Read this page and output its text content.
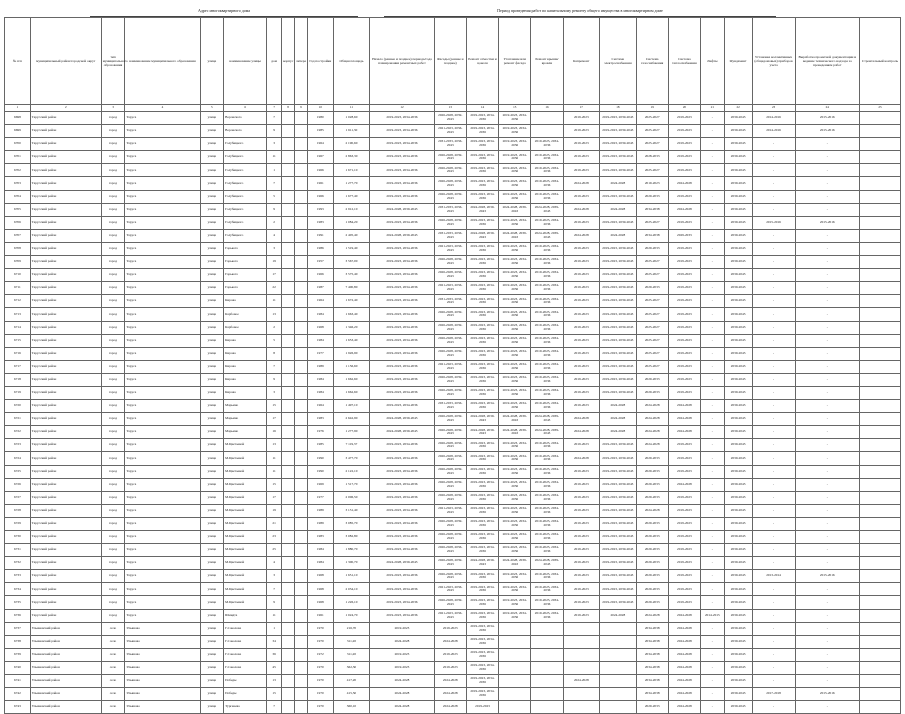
Адрес многоквартирного дома	Период проведения работ по капитальному ремонту общего имущества в многоквартирном доме
№ п/п	муниципальный район/городской округ	тип муниципального образования	наименование муниципального образования	улица	наименование улицы	дом	корпус	литера	Год постройки	Общая площадь	Начало (раннее и позднее) периода/года планирования ремонтных работ	Фасады (раннее и позднее)	Ремонт отмостки и цоколя	Утепление или ремонт фасада	Ремонт крыши/кровли	Капремонт	Система электроснабжения	Система газоснабжения	Система теплоснабжения	Лифты	Фундамент	Установка коллективных (общедомовых) приборов учета	Выработка проектной документации и ведение технического надзора за проведением работ	Строительный контроль
1	2	3	4	5	6	7	8	9	10	11	12	13	14	15	16	17	18	19	20	21	22	23	24	25
6698	Тарусский район	город	Таруса	улица	Воровского	7			1980	1 028,60	2019-2023, 2034-2036	2026-2028, 2039-2043	2019-2023, 2034-2036	2019-2023, 2034-2036		2019-2023	2019-2023, 2039-2043	2025-2027	2019-2023	-	2039-2043	2014-2016	2015-2016	
6699	Тарусский район	город	Таруса	улица	Воровского	9			1985	1 611,30	2019-2023, 2034-2036	2021-2023, 2036-2043	2019-2023, 2034-2036	2019-2023, 2034-2036		2019-2023	2019-2023, 2039-2043	2025-2027	2019-2023	-	2039-2043	2014-2016	2015-2016	
6700	Тарусский район	город	Таруса	улица	Голубицкого	3			1964	2 190,60	2019-2023, 2034-2036	2031-2033, 2036-2043	2019-2023, 2034-2036	2019-2023, 2034-2036	2019-2023, 2034-2036	2019-2023	2019-2023, 2039-2043	2025-2027	2019-2023	-	2039-2043	-	-	
6701	Тарусский район	город	Таруса	улица	Голубицкого	11			1967	2 863,30	2019-2023, 2034-2036	2026-2028, 2039-2043	2019-2023, 2034-2036	2019-2023, 2034-2036	2019-2023, 2034-2036	2019-2023	2019-2023, 2039-2043	2028-2033	2019-2023	-	2039-2043	-	-	
6702	Тарусский район	город	Таруса	улица	Голубицкого	1			1966	1 671,10	2019-2023, 2034-2036	2026-2028, 2039-2043	2019-2023, 2034-2036	2019-2023, 2034-2036	2019-2023, 2034-2036	2019-2023	2019-2023, 2039-2043	2025-2027	2019-2023	-	2039-2043	-	-	
6703	Тарусский район	город	Таруса	улица	Голубицкого	7			1961	1 277,70	2019-2023, 2034-2036	2026-2028, 2036-2043	2019-2023, 2034-2036	2019-2023, 2034-2036	2019-2023, 2034-2036	2024-2028	2024-2028	2019-2023	2024-2028	-	2039-2043	-	-	
6704	Тарусский район	город	Таруса	улица	Голубицкого	5			1966	1 677,40	2019-2023, 2034-2036	2026-2028, 2039-2043	2019-2023, 2034-2036	2019-2023, 2034-2036	2019-2023, 2034-2036	2019-2023	2019-2023, 2039-2043	2029-2033	2019-2023	-	2039-2043	-	-	
6705	Тарусский район	город	Таруса	улица	Голубицкого	9			1993	2 912,10	2024-2028, 2039-2043	2031-2033, 2036-2043	2024-2028, 2039-2043	2024-2028, 2039-2043	2024-2028, 2039-2043	2024-2028	2024-2028	2034-2038	2024-2028	-	2039-2043	-	-	
6706	Тарусский район	город	Таруса	улица	Голубицкого	2			1983	1 084,20	2019-2023, 2034-2036	2026-2028, 2039-2043	2019-2023, 2034-2036	2019-2023, 2034-2036	2019-2023, 2034-2036	2019-2023	2019-2023, 2039-2043	2025-2027	2019-2023	-	2039-2043	2015-2016	2015-2016	
6707	Тарусский район	город	Таруса	улица	Голубицкого	4			1991	2 405,40	2024-2028, 2039-2043	2031-2033, 2036-2043	2024-2028, 2039-2043	2024-2028, 2039-2043	2024-2028, 2039-2043	2024-2028	2024-2028	2034-2038	2029-2033	-	2039-2043	-	-	
6708	Тарусский район	город	Таруса	улица	Горького	3			1986	1 519,40	2019-2023, 2034-2036	2021-2023, 2036-2043	2019-2023, 2034-2036	2019-2023, 2034-2036	2019-2023, 2034-2036	2019-2023	2019-2023, 2039-2043	2029-2033	2019-2023	-	2039-2043	-	-	
6709	Тарусский район	город	Таруса	улица	Горького	19			1957	3 567,00	2019-2023, 2034-2036	2026-2028, 2039-2043	2019-2023, 2034-2036	2019-2023, 2034-2036	2019-2023, 2034-2036	2019-2023	2019-2023, 2039-2043	2025-2027	2019-2023	-	2039-2043	-	-	
6710	Тарусский район	город	Таруса	улица	Горького	17			1966	3 575,40	2019-2023, 2034-2036	2026-2028, 2036-2043	2019-2023, 2034-2036	2019-2023, 2034-2036	2019-2023, 2034-2036	2019-2023	2019-2023, 2039-2043	2025-2027	2019-2023	-	2039-2043	-	-	
6711	Тарусский район	город	Таруса	улица	Горького	22			1987	7 400,80	2019-2023, 2034-2036	2021-2023, 2036-2043	2019-2023, 2034-2036	2019-2023, 2034-2036	2019-2023, 2034-2036	2019-2023	2019-2023, 2039-2043	2029-2033	2019-2023	-	2039-2043	-	-	
6712	Тарусский район	город	Таруса	улица	Кирова	11			1964	1 672,40	2019-2023, 2034-2036	2031-2033, 2036-2043	2019-2023, 2034-2036	2019-2023, 2034-2036	2019-2023, 2034-2036	2019-2023	2019-2023, 2039-2043	2025-2027	2019-2023	-	2039-2043	-	-	
6713	Тарусский район	город	Таруса	улица	Карбовое	13			1984	1 663,40	2019-2023, 2034-2036	2026-2028, 2039-2043	2019-2023, 2034-2036	2019-2023, 2034-2036	2019-2023, 2034-2036	2019-2023	2019-2023, 2039-2043	2025-2027	2019-2023	-	2039-2043	-	-	
6714	Тарусский район	город	Таруса	улица	Карбовое	2			1968	1 346,20	2019-2023, 2034-2036	2026-2028, 2039-2043	2019-2023, 2034-2036	2019-2023, 2034-2036	2019-2023, 2034-2036	2019-2023	2019-2023, 2039-2043	2025-2027	2019-2023	-	2039-2043	-	-	
6715	Тарусский район	город	Таруса	улица	Кирова	5			1984	1 653,40	2019-2023, 2034-2036	2026-2028, 2036-2043	2019-2023, 2034-2036	2019-2023, 2034-2036	2019-2023, 2034-2036	2019-2023	2019-2023, 2039-2043	2025-2027	2019-2023	-	2039-2043	-	-	
6716	Тарусский район	город	Таруса	улица	Кирова	8			1977	1 926,90	2019-2023, 2034-2036	2026-2028, 2039-2043	2019-2023, 2034-2036	2019-2023, 2034-2036	2019-2023, 2034-2036	2019-2023	2019-2023, 2039-2043	2025-2027	2019-2023	-	2039-2043	-	-	
6717	Тарусский район	город	Таруса	улица	Кирова	7			1989	1 156,60	2019-2023, 2034-2036	2021-2023, 2036-2043	2019-2023, 2034-2036	2019-2023, 2034-2036	2019-2023, 2034-2036	2019-2023	2019-2023, 2039-2043	2025-2027	2019-2023	-	2039-2043	-	-	
6718	Тарусский район	город	Таруса	улица	Кирова	9			1984	1 662,60	2019-2023, 2034-2036	2026-2028, 2039-2043	2019-2023, 2034-2036	2019-2023, 2034-2036	2019-2023, 2034-2036	2019-2023	2019-2023, 2039-2043	2029-2033	2019-2023	-	2039-2043	-	-	
6719	Тарусский район	город	Таруса	улица	Кирова	3			1984	1 662,60	2019-2023, 2034-2036	2026-2028, 2039-2043	2019-2023, 2034-2036	2019-2023, 2034-2036	2019-2023, 2034-2036	2019-2023	2019-2023, 2039-2043	2029-2033	2019-2023	-	2039-2043	-	-	
6720	Тарусский район	город	Таруса	улица	Марьино	15			1964	1 497,10	2019-2023, 2034-2036	2031-2033, 2036-2043	2019-2023, 2034-2036	2019-2023, 2034-2036	2019-2023, 2034-2036	2019-2023	2024-2028	2024-2028	2024-2028	-	2039-2043	-	-	
6721	Тарусский район	город	Таруса	улица	Марьино	17			1983	2 642,90	2024-2028, 2039-2043	2026-2028, 2039-2043	2024-2028, 2039-2043	2024-2028, 2039-2043	2024-2028, 2039-2043	2024-2028	2024-2028	2024-2028	2024-2028	-	2039-2043	-	-	
6722	Тарусский район	город	Таруса	улица	Марьино	16			1976	1 277,90	2024-2028, 2039-2043	2026-2028, 2039-2043	2024-2028, 2039-2043	2024-2028, 2039-2043	2024-2028, 2039-2043	2024-2028	2024-2028	2024-2028	2024-2028	-	2039-2043	-	-	
6723	Тарусский район	город	Таруса	улица	М.Цветаевой	13			1985	7 119,37	2019-2023, 2034-2036	2026-2028, 2036-2043	2019-2023, 2034-2036	2019-2023, 2034-2036	2019-2023, 2034-2036	2019-2023	2019-2023, 2039-2043	2024-2028	2019-2023	-	2039-2043	-	-	
6724	Тарусский район	город	Таруса	улица	М.Цветаевой	11			1990	3 477,70	2019-2023, 2034-2036	2026-2028, 2036-2043	2019-2023, 2034-2036	2019-2023, 2034-2036	2019-2023, 2034-2036	2024-2028	2019-2023, 2039-2043	2029-2033	2019-2023	-	2039-2043	-	-	
6725	Тарусский район	город	Таруса	улица	М.Цветаевой	11			1990	2 122,10	2019-2023, 2034-2036	2026-2028, 2039-2043	2019-2023, 2034-2036	2019-2023, 2034-2036	2019-2023, 2034-2036	2019-2023	2019-2023, 2039-2043	2029-2033	2019-2023	-	2039-2043	-	-	
6726	Тарусский район	город	Таруса	улица	М.Цветаевой	15			1969	1 517,70	2019-2023, 2034-2036	2026-2028, 2039-2043	2019-2023, 2034-2036	2019-2023, 2034-2036	2019-2023, 2034-2036	2019-2023	2019-2023, 2039-2043	2029-2033	2024-2028	-	2039-2043	-	-	
6727	Тарусский район	город	Таруса	улица	М.Цветаевой	17			1977	2 006,50	2019-2023, 2034-2036	2026-2028, 2039-2043	2019-2023, 2034-2036	2019-2023, 2034-2036	2019-2023, 2034-2036	2019-2023	2019-2023, 2039-2043	2029-2033	2019-2023	-	2039-2043	-	-	
6728	Тарусский район	город	Таруса	улица	М.Цветаевой	19			1989	3 131,40	2019-2023, 2034-2036	2021-2023, 2036-2043	2019-2023, 2034-2036	2019-2023, 2034-2036	2019-2023, 2034-2036	2019-2023	2019-2023, 2039-2043	2024-2028	2019-2023	-	2039-2043	-	-	
6729	Тарусский район	город	Таруса	улица	М.Цветаевой	21			1989	3 085,70	2019-2023, 2034-2036	2026-2028, 2039-2043	2019-2023, 2034-2036	2019-2023, 2034-2036	2019-2023, 2034-2036	2019-2023	2019-2023, 2039-2043	2029-2033	2019-2023	-	2039-2043	-	-	
6730	Тарусский район	город	Таруса	улица	М.Цветаевой	23			1983	3 082,80	2019-2023, 2034-2036	2026-2028, 2039-2043	2019-2023, 2034-2036	2019-2023, 2034-2036	2019-2023, 2034-2036	2019-2023	2019-2023, 2039-2043	2029-2033	2019-2023	-	2039-2043	-	-	
6731	Тарусский район	город	Таруса	улица	М.Цветаевой	25			1984	1 880,70	2019-2023, 2034-2036	2026-2028, 2036-2043	2019-2023, 2034-2036	2019-2023, 2034-2036	2019-2023, 2034-2036	2019-2023	2019-2023, 2039-2043	2029-2033	2019-2023	-	2039-2043	-	-	
6732	Тарусский район	город	Таруса	улица	М.Цветаевой	4			1984	1 300,70	2024-2028, 2039-2043	2026-2028, 2039-2043	2024-2028, 2039-2043	2024-2028, 2039-2043	2024-2028, 2039-2043	2019-2023	2019-2023, 2039-2043	2029-2033	2019-2023	-	2039-2043	-	-	
6733	Тарусский район	город	Таруса	улица	М.Цветаевой	3			1968	1 651,10	2019-2023, 2034-2036	2026-2028, 2036-2043	2019-2023, 2034-2036	2019-2023, 2034-2036	2019-2023, 2034-2036	2019-2023	2019-2023, 2039-2043	2029-2033	2019-2023	-	2039-2043	2013-2014	2015-2016	
6734	Тарусский район	город	Таруса	улица	М.Цветаевой	7			1968	2 034,10	2019-2023, 2034-2036	2021-2023, 2036-2043	2019-2023, 2034-2036	2019-2023, 2034-2036	2019-2023, 2034-2036	2019-2023	2019-2023, 2039-2043	2029-2033	2019-2023	-	2039-2043	-	-	
6735	Тарусский район	город	Таруса	улица	М.Цветаевой	9			1968	1 226,10	2019-2023, 2034-2036	2026-2028, 2039-2043	2019-2023, 2034-2036	2019-2023, 2034-2036	2019-2023, 2034-2036	2019-2023	2019-2023, 2039-2043	2029-2033	2019-2023	-	2039-2043	-	-	
6736	Тарусский район	город	Таруса	улица	Шмидта	11			1961	1 024,70	2019-2023, 2034-2036	2021-2023, 2036-2043	2019-2023, 2034-2036	2019-2023, 2034-2036	2019-2023, 2034-2036	2019-2023	2024-2028	2024-2028	2024-2028	2014-2015	2039-2043	-	-	
6737	Ульяновский район	село	Ульяново	улица	Г.Соколова	1			1970	216,70	2019-2023	2019-2023	2019-2023, 2034-2036					2034-2038	2024-2028	-	2039-2043	-	-	
6738	Ульяновский район	село	Ульяново	улица	Г.Соколова	34			1970	311,20	2024-2028	2024-2028	2019-2023, 2034-2036					2034-2038	2024-2028	-	2039-2043	-	-	
6739	Ульяновский район	село	Ульяново	улица	Г.Соколова	36			1972	311,20	2019-2023	2019-2023	2019-2023, 2034-2036					2034-2038	2024-2028	-	2039-2043	-	-	
6740	Ульяновский район	село	Ульяново	улица	Г.Соколова	45			1970	362,30	2019-2023	2019-2023	2019-2023, 2034-2036					2034-2038	2024-2028	-	2039-2043	-	-	
6741	Ульяновский район	село	Ульяново	улица	Победы	13			1970	417,20	2024-2028	2024-2028	2019-2023, 2034-2036			2024-2028		2034-2038	2024-2028	-	2039-2043	-	-	
6742	Ульяновский район	село	Ульяново	улица	Победы	15			1970	415,50	2024-2028	2024-2028	2019-2023, 2034-2036					2034-2038	2024-2028	-	2039-2043	2017-2018	2015-2016	
6743	Ульяновский район	село	Ульяново	улица	Тургенева	7			1970	360,10	2024-2028	2024-2028	2019-2023					2029-2033	2024-2028	-	2039-2043	-	-	
